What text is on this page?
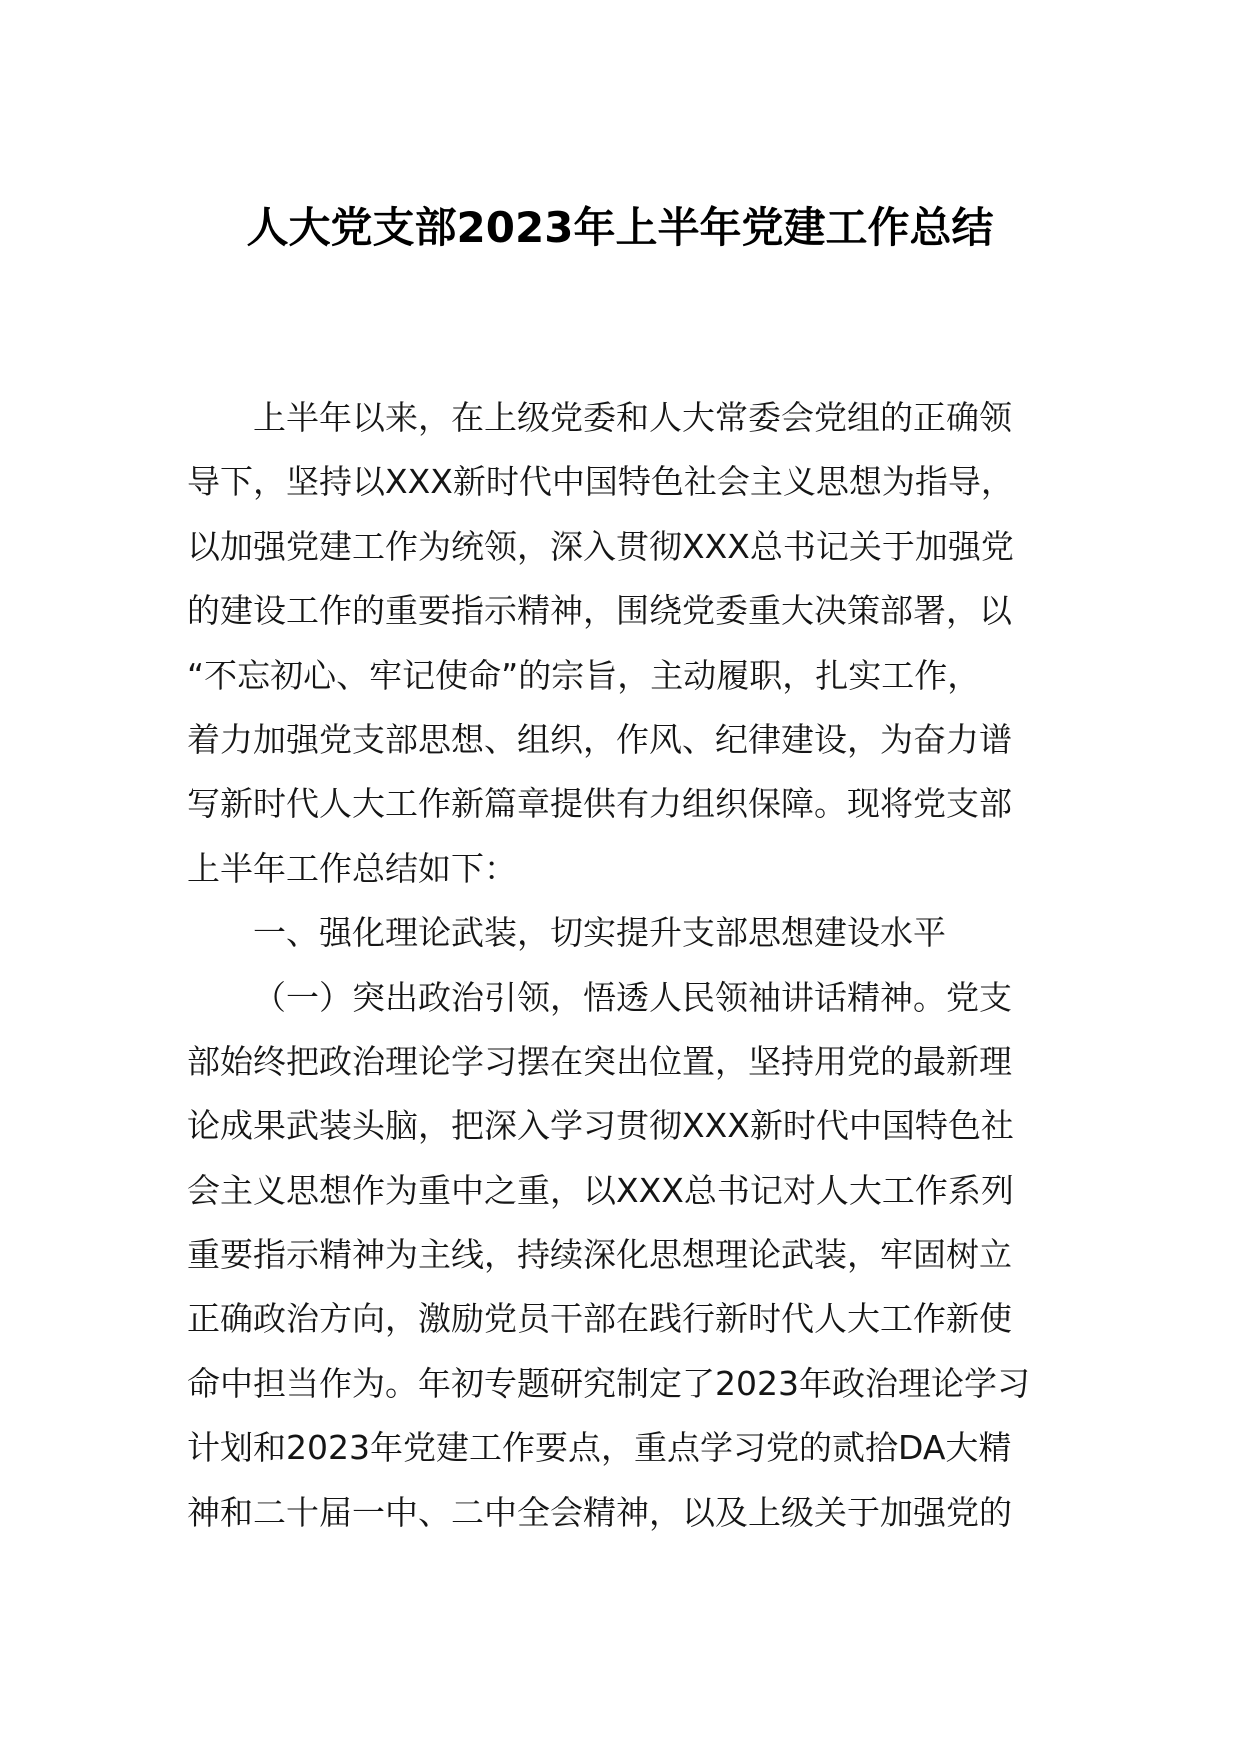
人大党支部2023年上半年党建工作总结
上半年以来，在上级党委和人大常委会党组的正确领
导下，坚持以XXX新时代中国特色社会主义思想为指导，
以加强党建工作为统领，深入贯彻XXX总书记关于加强党
的建设工作的重要指示精神，围绕党委重大决策部署，以
“不忘初心、牢记使命”的宗旨，主动履职，扎实工作，
着力加强党支部思想、组织，作风、纪律建设，为奋力谱
写新时代人大工作新篇章提供有力组织保障。现将党支部
上半年工作总结如下：
一、强化理论武装，切实提升支部思想建设水平
（一）突出政治引领，悟透人民领袖讲话精神。党支
部始终把政治理论学习摆在突出位置，坚持用党的最新理
论成果武装头脑，把深入学习贯彻XXX新时代中国特色社
会主义思想作为重中之重，以XXX总书记对人大工作系列
重要指示精神为主线，持续深化思想理论武装，牢固树立
正确政治方向，激励党员干部在践行新时代人大工作新使
命中担当作为。年初专题研究制定了2023年政治理论学习
计划和2023年党建工作要点，重点学习党的贰拾DA大精
神和二十届一中、二中全会精神，以及上级关于加强党的
